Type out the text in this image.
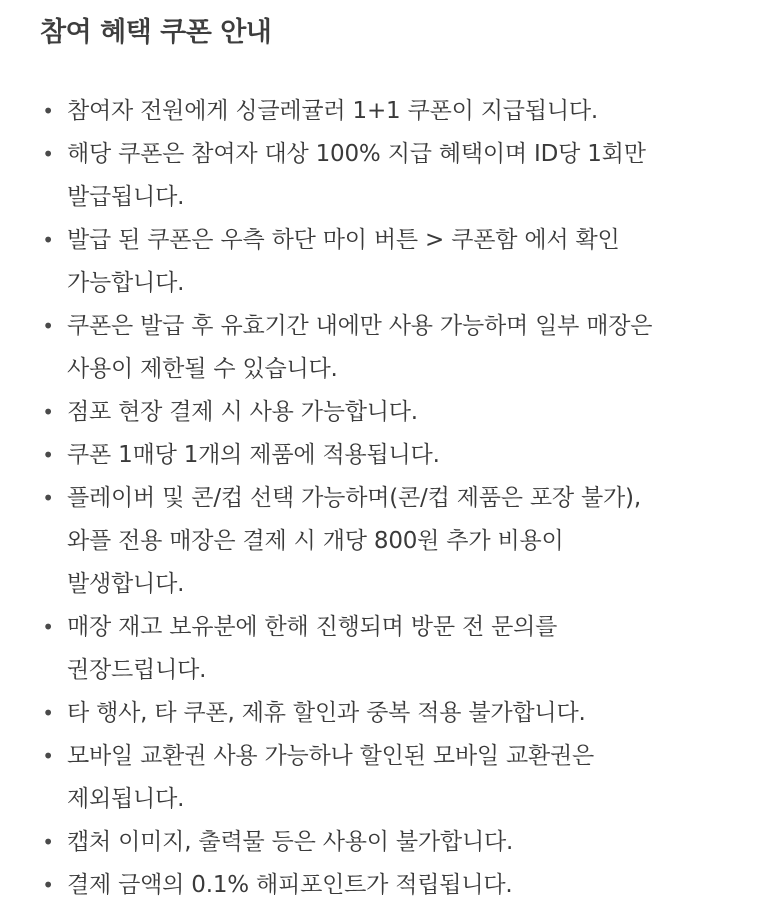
참여 혜택 쿠폰 안내
• 참여자 전원에게 싱글레귤러 1+1 쿠폰이 지급됩니다.
• 해당 쿠폰은 참여자 대상 100% 지급 혜택이며 ID당 1회만
발급됩니다.
• 발급 된 쿠폰은 우측 하단 마이 버튼 > 쿠폰함 에서 확인
가능합니다.
• 쿠폰은 발급 후 유효기간 내에만 사용 가능하며 일부 매장은
사용이 제한될 수 있습니다.
• 점포 현장 결제 시 사용 가능합니다.
• 쿠폰 1매당 1개의 제품에 적용됩니다.
• 플레이버 및 콘/컵 선택 가능하며(콘/컵 제품은 포장 불가),
와플 전용 매장은 결제 시 개당 800원 추가 비용이
발생합니다.
• 매장 재고 보유분에 한해 진행되며 방문 전 문의를
권장드립니다.
• 타 행사, 타 쿠폰, 제휴 할인과 중복 적용 불가합니다.
• 모바일 교환권 사용 가능하나 할인된 모바일 교환권은
제외됩니다.
• 캡처 이미지, 출력물 등은 사용이 불가합니다.
• 결제 금액의 0.1% 해피포인트가 적립됩니다.
